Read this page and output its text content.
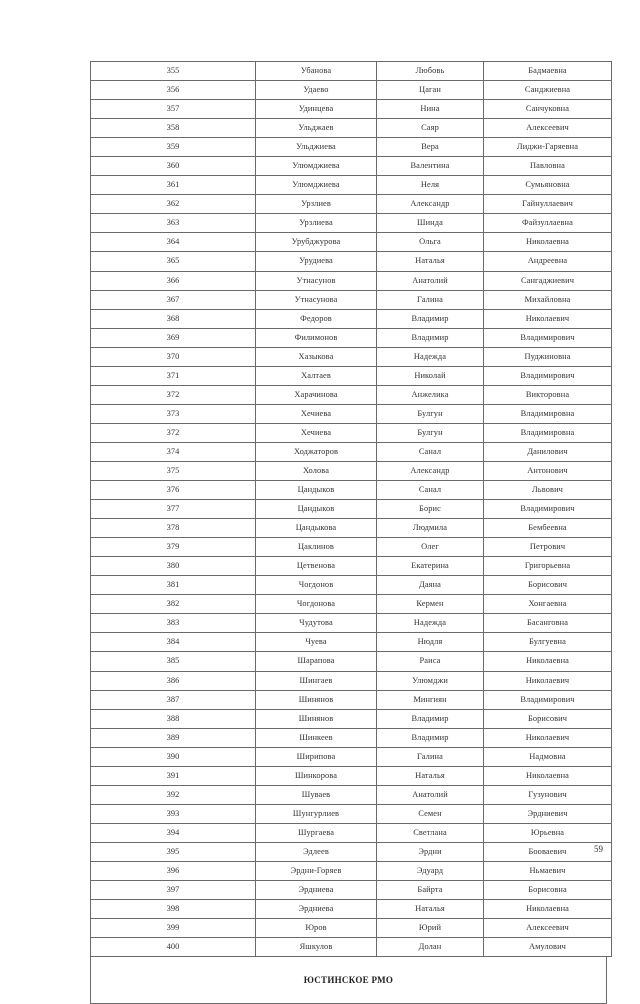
355	Убанова	Любовь	Бадмаевна
356	Удаево	Цаган	Санджиевна
357	Удинцева	Нина	Санчуковна
358	Ульджаев	Саяр	Алексеевич
359	Ульджиева	Вера	Лиджи-Гаряевна
360	Улюмджиева	Валентина	Павловна
361	Улюмджиева	Неля	Сумьяновна
362	Урзлиев	Александр	Гайнуллаевич
363	Урзлиева	Шинда	Файзуллаевна
364	Урубджурова	Ольга	Николаевна
365	Урудиева	Наталья	Андреевна
366	Утнасунов	Анатолий	Сангаджиевич
367	Утнасунова	Галина	Михайловна
368	Федоров	Владимир	Николаевич
369	Филимонов	Владимир	Владимирович
370	Хазыкова	Надежда	Пуджиновна
371	Халтаев	Николай	Владимирович
372	Харачинова	Анжелика	Викторовна
373	Хечиева	Булгун	Владимировна
372	Хечиева	Булгун	Владимировна
374	Ходжаторов	Санал	Данилович
375	Холова	Александр	Антонович
376	Цандыков	Санал	Львович
377	Цандыков	Борис	Владимирович
378	Цандыкова	Людмила	Бембеевна
379	Цаклинов	Олег	Петрович
380	Цетвенова	Екатерина	Григорьевна
381	Чогдонов	Даяна	Борисович
382	Чогдонова	Кермен	Хонгаевна
383	Чудутова	Надежда	Басанговна
384	Чуева	Нюдля	Булгуевна
385	Шарапова	Раиса	Николаевна
386	Шингаев	Улюмджи	Николаевич
387	Шинянов	Мингиян	Владимирович
388	Шинянов	Владимир	Борисович
389	Шинкеев	Владимир	Николаевич
390	Ширипова	Галина	Надмовна
391	Шинкорова	Наталья	Николаевна
392	Шуваев	Анатолий	Гузунович
393	Шунгурлиев	Семен	Эрдниевич
394	Шургаева	Светлана	Юрьевна
395	Эдлеев	Эрдни	Бооваевич
396	Эрдни-Горяев	Эдуард	Ньмаевич
397	Эрдниева	Байрта	Борисовна
398	Эрдниева	Наталья	Николаевна
399	Юров	Юрий	Алексеевич
400	Яшкулов	Долан	Амулович
ЮСТИНСКОЕ РМО
59
